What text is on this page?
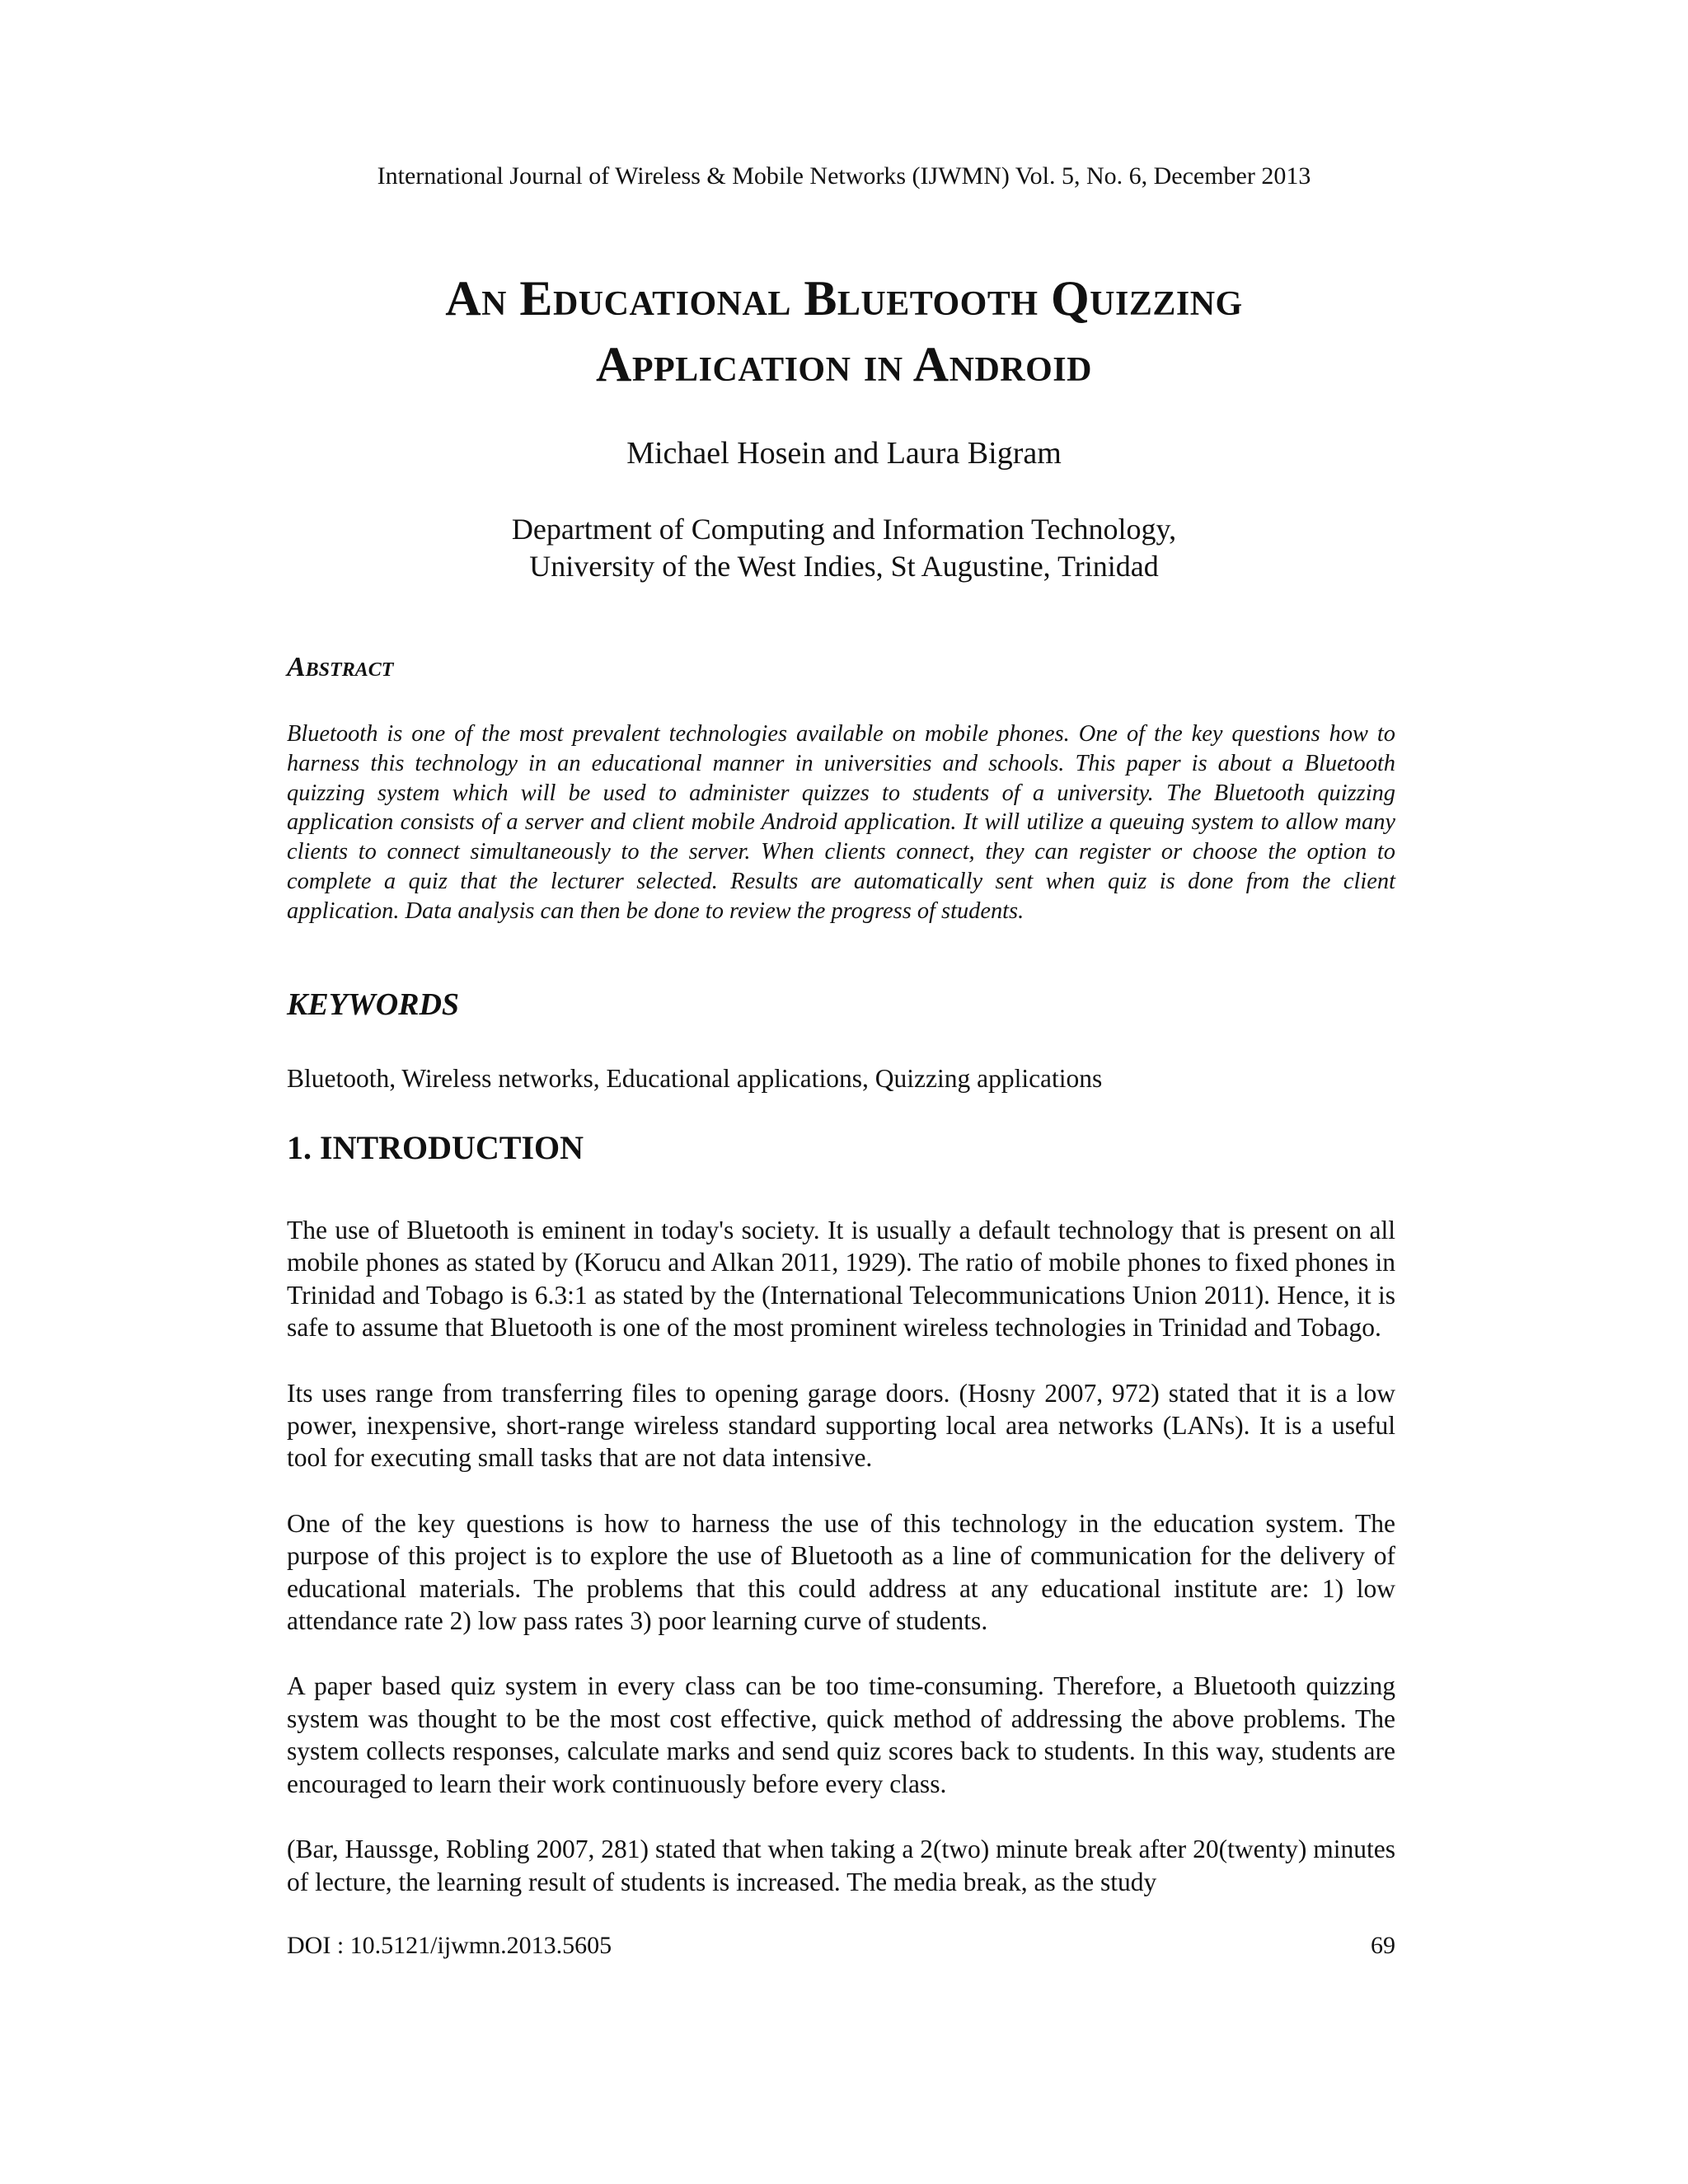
International Journal of Wireless & Mobile Networks (IJWMN) Vol. 5, No. 6, December 2013
An Educational Bluetooth Quizzing
Application in Android
Michael Hosein and Laura Bigram
Department of Computing and Information Technology,
University of the West Indies, St Augustine, Trinidad
Abstract
Bluetooth is one of the most prevalent technologies available on mobile phones. One of the key questions how to harness this technology in an educational manner in universities and schools. This paper is about a Bluetooth quizzing system which will be used to administer quizzes to students of a university. The Bluetooth quizzing application consists of a server and client mobile Android application. It will utilize a queuing system to allow many clients to connect simultaneously to the server. When clients connect, they can register or choose the option to complete a quiz that the lecturer selected. Results are automatically sent when quiz is done from the client application. Data analysis can then be done to review the progress of students.
KEYWORDS
Bluetooth, Wireless networks, Educational applications, Quizzing applications
1. INTRODUCTION

The use of Bluetooth is eminent in today's society. It is usually a default technology that is present on all mobile phones as stated by (Korucu and Alkan 2011, 1929). The ratio of mobile phones to fixed phones in Trinidad and Tobago is 6.3:1 as stated by the (International Telecommunications Union 2011). Hence, it is safe to assume that Bluetooth is one of the most prominent wireless technologies in Trinidad and Tobago.

Its uses range from transferring files to opening garage doors. (Hosny 2007, 972) stated that it is a low power, inexpensive, short-range wireless standard supporting local area networks (LANs). It is a useful tool for executing small tasks that are not data intensive.

One of the key questions is how to harness the use of this technology in the education system. The purpose of this project is to explore the use of Bluetooth as a line of communication for the delivery of educational materials. The problems that this could address at any educational institute are: 1) low attendance rate 2) low pass rates 3) poor learning curve of students.

A paper based quiz system in every class can be too time-consuming. Therefore, a Bluetooth quizzing system was thought to be the most cost effective, quick method of addressing the above problems. The system collects responses, calculate marks and send quiz scores back to students. In this way, students are encouraged to learn their work continuously before every class.

(Bar, Haussge, Robling 2007, 281) stated that when taking a 2(two) minute break after 20(twenty) minutes of lecture, the learning result of students is increased. The media break, as the study

DOI : 10.5121/ijwmn.2013.5605	69
